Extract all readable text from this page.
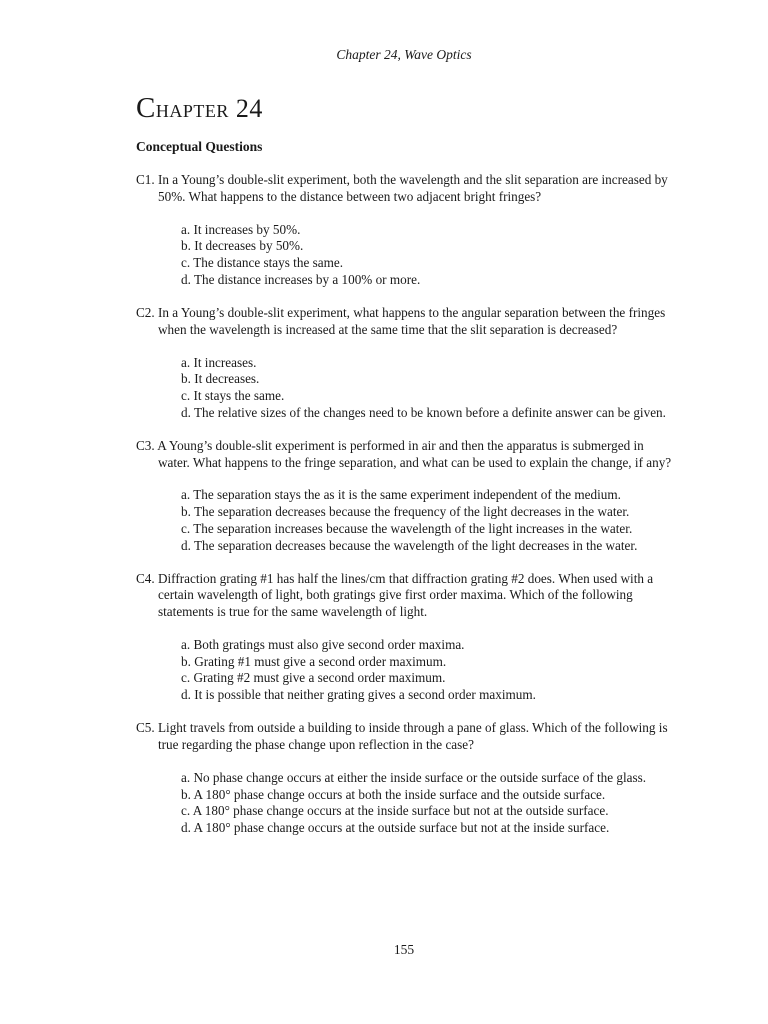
Chapter 24, Wave Optics
Chapter 24
Conceptual Questions
C1. In a Young’s double-slit experiment, both the wavelength and the slit separation are increased by 50%. What happens to the distance between two adjacent bright fringes?
a. It increases by 50%.
b. It decreases by 50%.
c. The distance stays the same.
d. The distance increases by a 100% or more.
C2. In a Young’s double-slit experiment, what happens to the angular separation between the fringes when the wavelength is increased at the same time that the slit separation is decreased?
a. It increases.
b. It decreases.
c. It stays the same.
d. The relative sizes of the changes need to be known before a definite answer can be given.
C3. A Young’s double-slit experiment is performed in air and then the apparatus is submerged in water. What happens to the fringe separation, and what can be used to explain the change, if any?
a. The separation stays the as it is the same experiment independent of the medium.
b. The separation decreases because the frequency of the light decreases in the water.
c. The separation increases because the wavelength of the light increases in the water.
d. The separation decreases because the wavelength of the light decreases in the water.
C4. Diffraction grating #1 has half the lines/cm that diffraction grating #2 does. When used with a certain wavelength of light, both gratings give first order maxima. Which of the following statements is true for the same wavelength of light.
a. Both gratings must also give second order maxima.
b. Grating #1 must give a second order maximum.
c. Grating #2 must give a second order maximum.
d. It is possible that neither grating gives a second order maximum.
C5. Light travels from outside a building to inside through a pane of glass. Which of the following is true regarding the phase change upon reflection in the case?
a. No phase change occurs at either the inside surface or the outside surface of the glass.
b. A 180° phase change occurs at both the inside surface and the outside surface.
c. A 180° phase change occurs at the inside surface but not at the outside surface.
d. A 180° phase change occurs at the outside surface but not at the inside surface.
155
